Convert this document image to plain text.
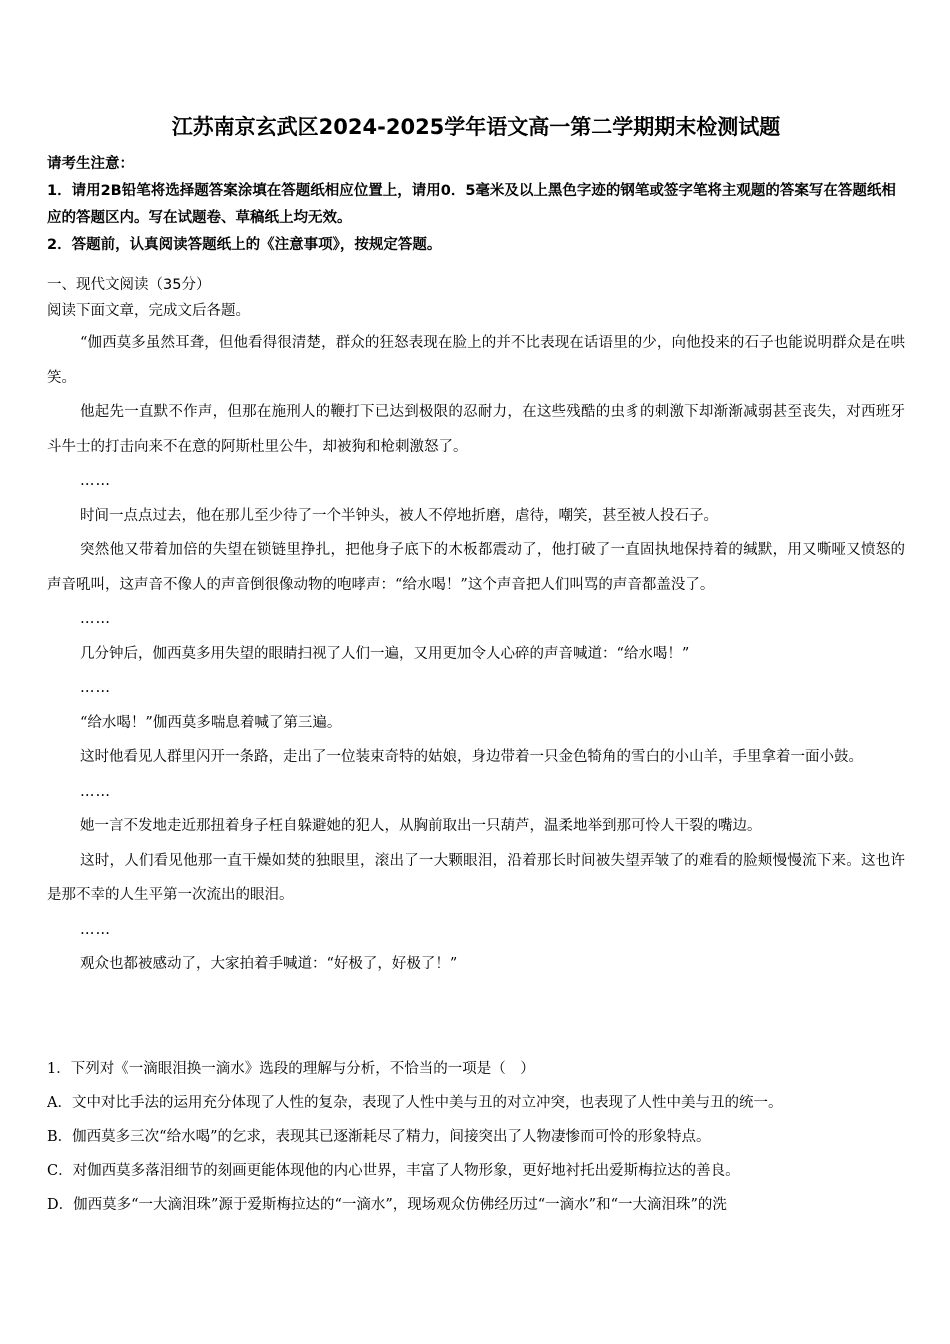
江苏南京玄武区2024-2025学年语文高一第二学期期末检测试题
请考生注意：
1．请用2B铅笔将选择题答案涂填在答题纸相应位置上，请用0．5毫米及以上黑色字迹的钢笔或签字笔将主观题的答案写在答题纸相应的答题区内。写在试题卷、草稿纸上均无效。
2．答题前，认真阅读答题纸上的《注意事项》，按规定答题。
一、现代文阅读（35分）
阅读下面文章，完成文后各题。

“伽西莫多虽然耳聋，但他看得很清楚，群众的狂怒表现在脸上的并不比表现在话语里的少，向他投来的石子也能说明群众是在哄笑。

他起先一直默不作声，但那在施刑人的鞭打下已达到极限的忍耐力，在这些残酷的虫豸的刺激下却渐渐减弱甚至丧失，对西班牙斗牛士的打击向来不在意的阿斯杜里公牛，却被狗和枪刺激怒了。

……

时间一点点过去，他在那儿至少待了一个半钟头，被人不停地折磨，虐待，嘲笑，甚至被人投石子。

突然他又带着加倍的失望在锁链里挣扎，把他身子底下的木板都震动了，他打破了一直固执地保持着的缄默，用又嘶哑又愤怒的声音吼叫，这声音不像人的声音倒很像动物的咆哮声：“给水喝！”这个声音把人们叫骂的声音都盖没了。

……

几分钟后，伽西莫多用失望的眼睛扫视了人们一遍，又用更加令人心碎的声音喊道：“给水喝！”

……

“给水喝！”伽西莫多喘息着喊了第三遍。

这时他看见人群里闪开一条路，走出了一位装束奇特的姑娘，身边带着一只金色犄角的雪白的小山羊，手里拿着一面小鼓。

……

她一言不发地走近那扭着身子枉自躲避她的犯人，从胸前取出一只葫芦，温柔地举到那可怜人干裂的嘴边。

这时，人们看见他那一直干燥如焚的独眼里，滚出了一大颗眼泪，沿着那长时间被失望弄皱了的难看的脸颊慢慢流下来。这也许是那不幸的人生平第一次流出的眼泪。

……

观众也都被感动了，大家拍着手喊道：“好极了，好极了！”

1．下列对《一滴眼泪换一滴水》选段的理解与分析，不恰当的一项是（　）
A．文中对比手法的运用充分体现了人性的复杂，表现了人性中美与丑的对立冲突，也表现了人性中美与丑的统一。
B．伽西莫多三次“给水喝”的乞求，表现其已逐渐耗尽了精力，间接突出了人物凄惨而可怜的形象特点。
C．对伽西莫多落泪细节的刻画更能体现他的内心世界，丰富了人物形象，更好地衬托出爱斯梅拉达的善良。
D．伽西莫多“一大滴泪珠”源于爱斯梅拉达的“一滴水”，现场观众仿佛经历过“一滴水”和“一大滴泪珠”的洗
